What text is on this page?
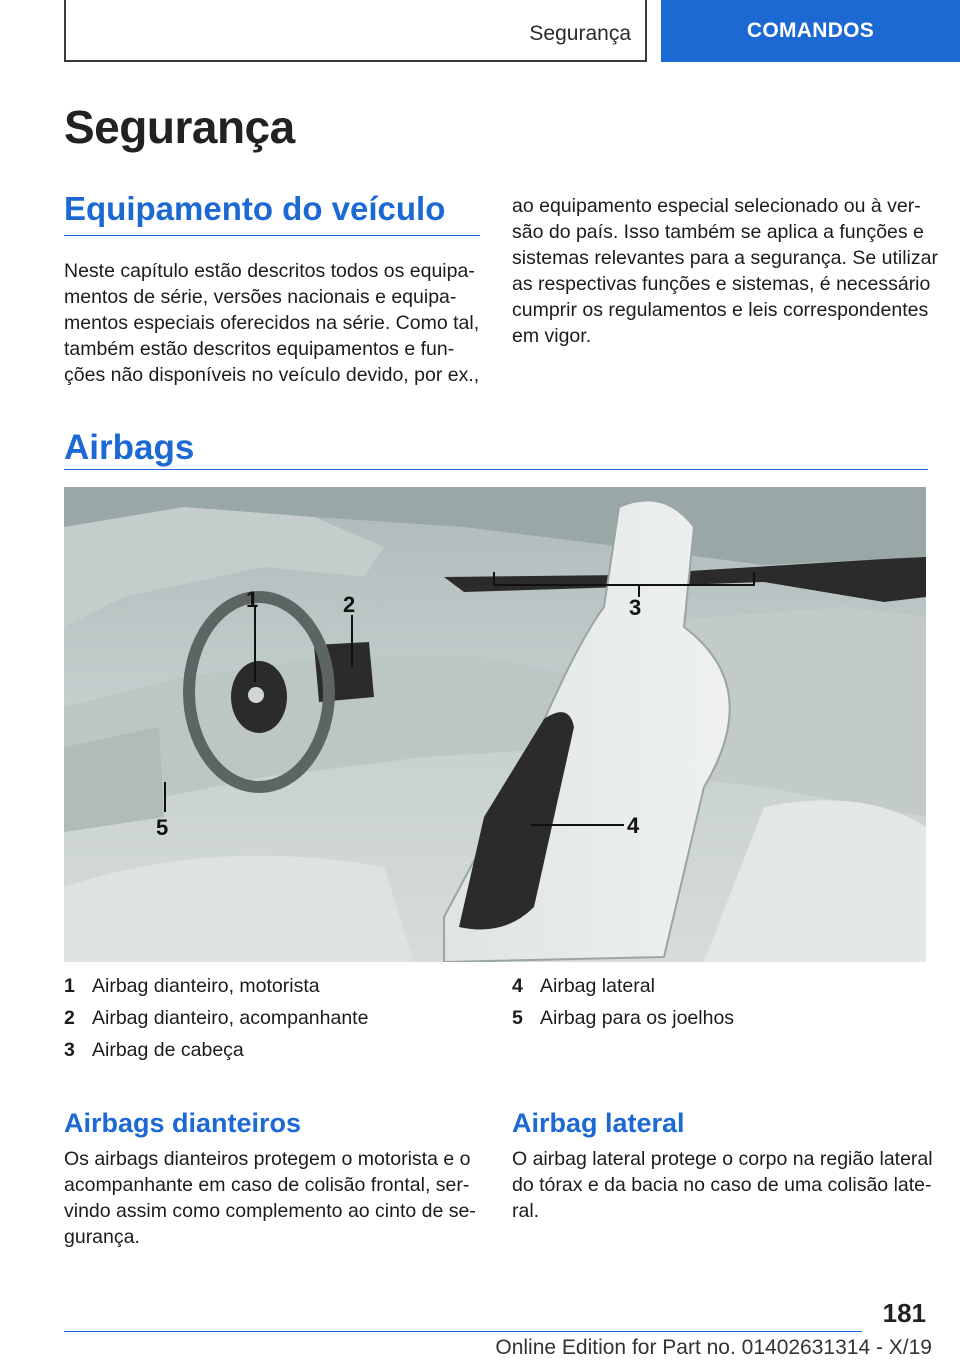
Segurança	COMANDOS
Segurança
Equipamento do veículo
Neste capítulo estão descritos todos os equipa-
mentos de série, versões nacionais e equipa-
mentos especiais oferecidos na série. Como tal,
também estão descritos equipamentos e fun-
ções não disponíveis no veículo devido, por ex.,
ao equipamento especial selecionado ou à ver-
são do país. Isso também se aplica a funções e
sistemas relevantes para a segurança. Se utilizar
as respectivas funções e sistemas, é necessário
cumprir os regulamentos e leis correspondentes
em vigor.
Airbags
1	2	3
4
5
1 Airbag dianteiro, motorista
2 Airbag dianteiro, acompanhante
3 Airbag de cabeça
4 Airbag lateral
5 Airbag para os joelhos
Airbags dianteiros
Os airbags dianteiros protegem o motorista e o
acompanhante em caso de colisão frontal, ser-
vindo assim como complemento ao cinto de se-
gurança.
Airbag lateral
O airbag lateral protege o corpo na região lateral
do tórax e da bacia no caso de uma colisão late-
ral.
181
Online Edition for Part no. 01402631314 - X/19
